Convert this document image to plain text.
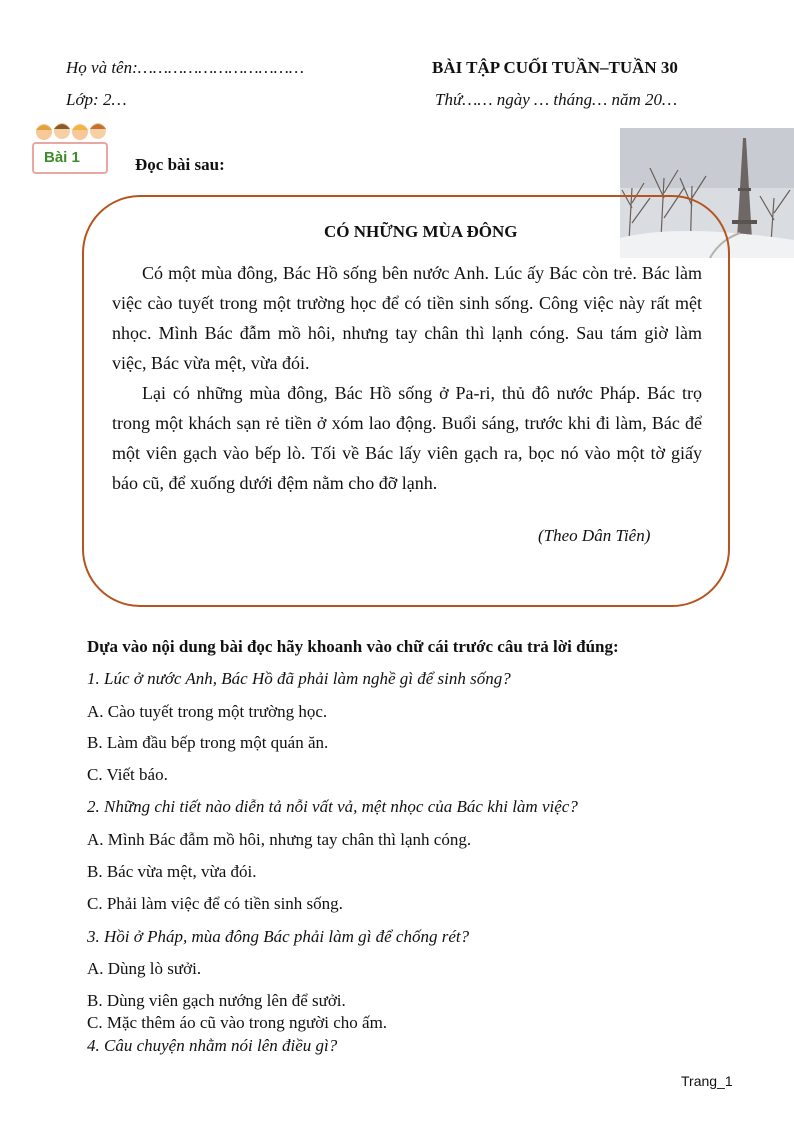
Họ và tên:……………………………	BÀI TẬP CUỐI TUẦN–TUẦN 30
Lớp: 2…	Thứ…… ngày … tháng… năm 20…
Bài 1	Đọc bài sau:
CÓ NHỮNG MÙA ĐÔNG

Có một mùa đông, Bác Hồ sống bên nước Anh. Lúc ấy Bác còn trẻ. Bác làm việc cào tuyết trong một trường học để có tiền sinh sống. Công việc này rất mệt nhọc. Mình Bác đẫm mồ hôi, nhưng tay chân thì lạnh cóng. Sau tám giờ làm việc, Bác vừa mệt, vừa đói.

Lại có những mùa đông, Bác Hồ sống ở Pa-ri, thủ đô nước Pháp. Bác trọ trong một khách sạn rẻ tiền ở xóm lao động. Buổi sáng, trước khi đi làm, Bác để một viên gạch vào bếp lò. Tối về Bác lấy viên gạch ra, bọc nó vào một tờ giấy báo cũ, để xuống dưới đệm nằm cho đỡ lạnh.

(Theo Dân Tiên)
Dựa vào nội dung bài đọc hãy khoanh vào chữ cái trước câu trả lời đúng:
1. Lúc ở nước Anh, Bác Hồ đã phải làm nghề gì để sinh sống?
A. Cào tuyết trong một trường học.
B. Làm đầu bếp trong một quán ăn.
C. Viết báo.
2. Những chi tiết nào diễn tả nỗi vất vả, mệt nhọc của Bác khi làm việc?
A. Mình Bác đẫm mồ hôi, nhưng tay chân thì lạnh cóng.
B. Bác vừa mệt, vừa đói.
C. Phải làm việc để có tiền sinh sống.
3. Hồi ở Pháp, mùa đông Bác phải làm gì để chống rét?
A. Dùng lò sưởi.
B. Dùng viên gạch nướng lên để sưởi.
C. Mặc thêm áo cũ vào trong người cho ấm.
4. Câu chuyện nhằm nói lên điều gì?
Trang_1
